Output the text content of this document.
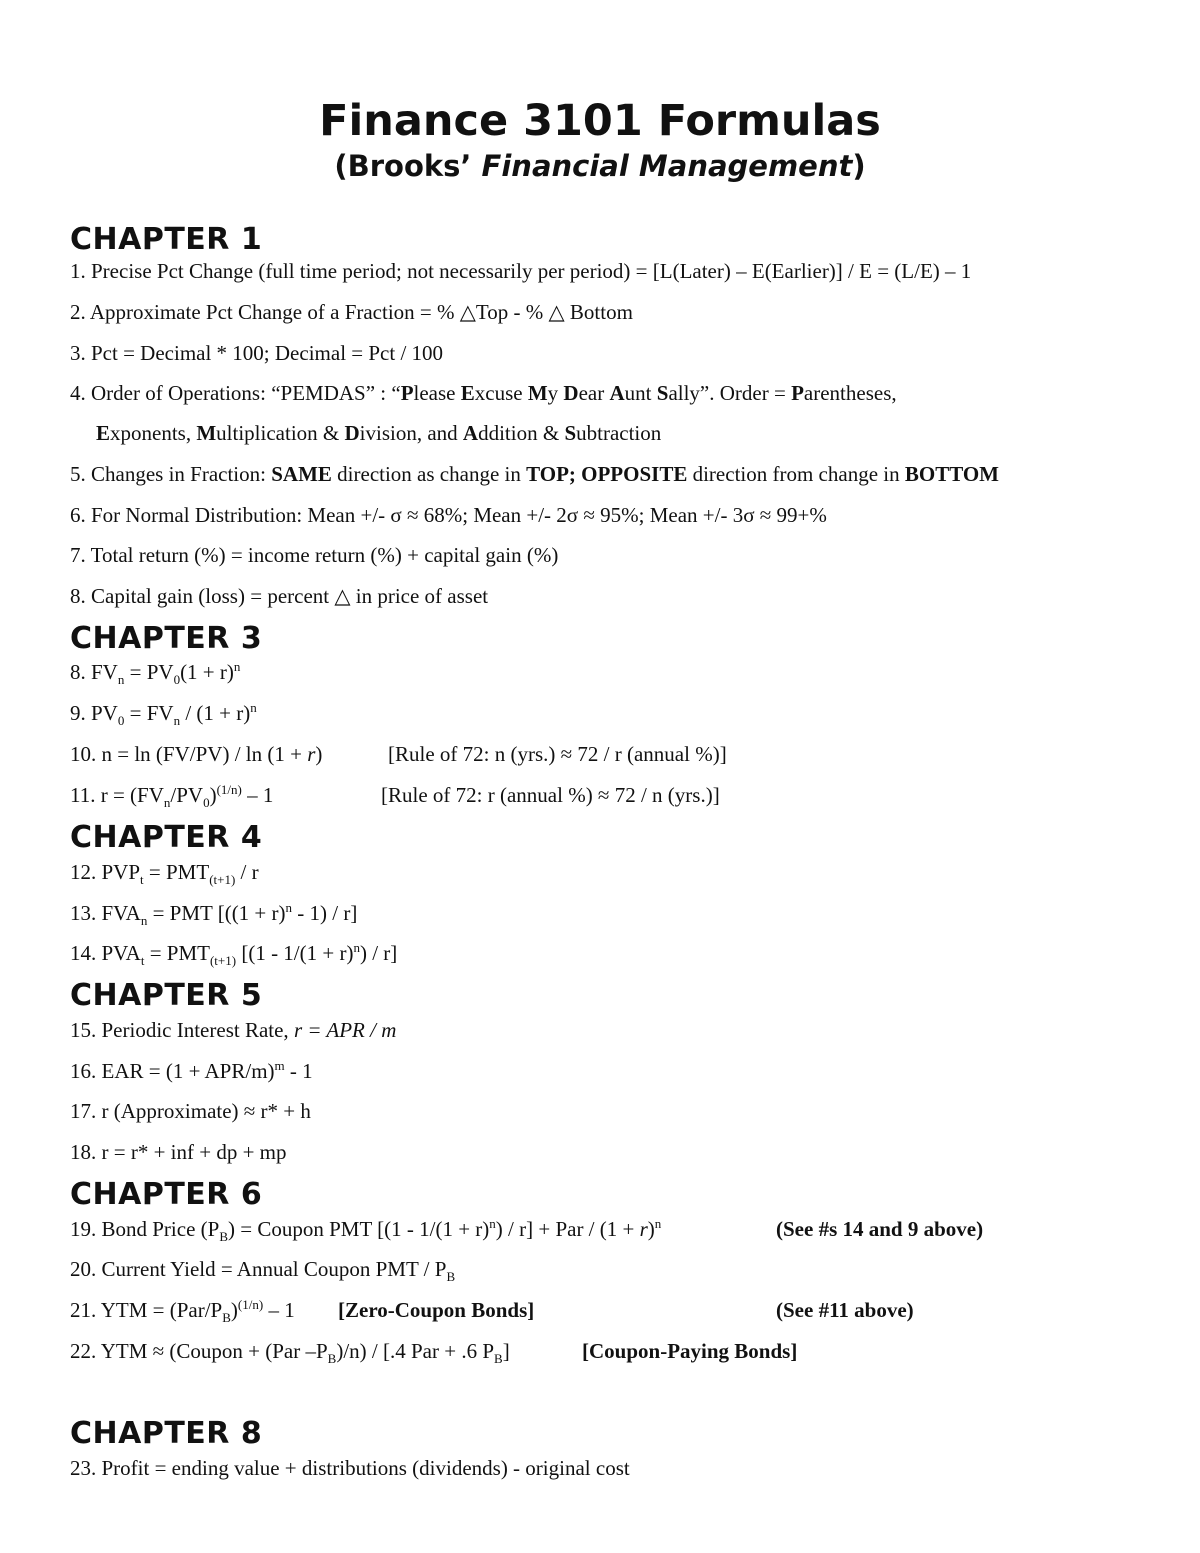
Finance 3101 Formulas
(Brooks’ Financial Management)
CHAPTER 1
1. Precise Pct Change (full time period; not necessarily per period) = [L(Later) – E(Earlier)] / E = (L/E) – 1
2. Approximate Pct Change of a Fraction = % △Top - % △ Bottom
3. Pct = Decimal * 100; Decimal = Pct / 100
4. Order of Operations: “PEMDAS” : “Please Excuse My Dear Aunt Sally”. Order = Parentheses,
Exponents, Multiplication & Division, and Addition & Subtraction
5. Changes in Fraction: SAME direction as change in TOP; OPPOSITE direction from change in BOTTOM
6. For Normal Distribution: Mean +/- σ ≈ 68%; Mean +/- 2σ ≈ 95%; Mean +/- 3σ ≈ 99+%
7. Total return (%) = income return (%) + capital gain (%)
8. Capital gain (loss) = percent △ in price of asset
CHAPTER 3
8. $FV_n = PV_0(1 + r)^n$
9. $PV_0 = FV_n / (1 + r)^n$
10. n = ln (FV/PV) / ln (1 + r)	[Rule of 72: n (yrs.) ≈ 72 / r (annual %)]
11. $r = (FV_n/PV_0)^{(1/n)} - 1$	[Rule of 72: r (annual %) ≈ 72 / n (yrs.)]
CHAPTER 4
12. $PVP_t = PMT_{(t+1)} / r$
13. $FVA_n$ = PMT $[((1 + r)^n - 1) / r]$
14. $PVA_t = PMT_{(t+1)}$ $[(1 - 1/(1 + r)^n) / r]$
CHAPTER 5
15. Periodic Interest Rate, r = APR / m
16. EAR = (1 + APR/$m)^m - 1$
17. r (Approximate) ≈ r* + h
18. r = r* + inf + dp + mp
CHAPTER 6
19. Bond Price $(P_B)$ = Coupon PMT $[(1 - 1/(1 + r)^n) / r]$ + Par / $(1 + r)^n$	(See #s 14 and 9 above)
20. Current Yield = Annual Coupon PMT / $P_B$
21. YTM = $(Par/P_B)^{(1/n)} - 1$ [Zero-Coupon Bonds]	(See #11 above)
22. YTM ≈ (Coupon + (Par $-P_B)/n) / [.4$ Par + .6 $P_B$]	[Coupon-Paying Bonds]
CHAPTER 8
23. Profit = ending value + distributions (dividends) - original cost
